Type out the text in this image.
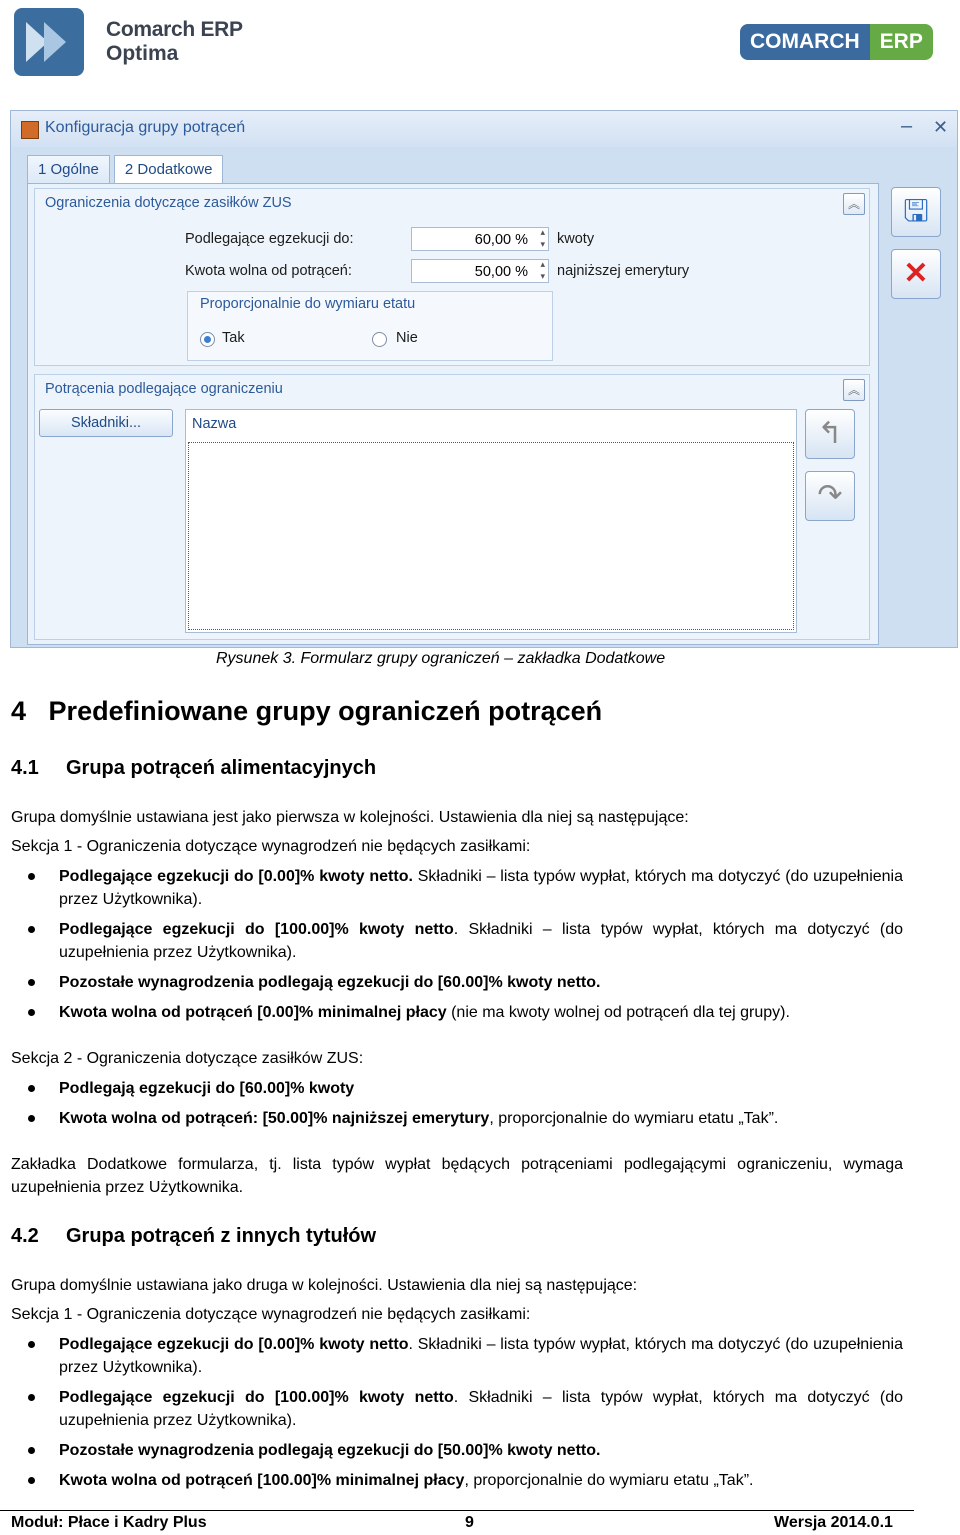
Comarch ERP
Optima
COMARCH ERP
Konfiguracja grupy potrąceń	– ✕
1 Ogólne	2 Dodatkowe
Ograniczenia dotyczące zasiłków ZUS	︽
Podlegające egzekucji do:	60,00 % ▴ ▾	kwoty
Kwota wolna od potrąceń:	50,00 % ▴ ▾	najniższej emerytury
Proporcjonalnie do wymiaru etatu
Tak	Nie
Potrącenia podlegające ograniczeniu	︽
Składniki...	Nazwa
🖫
✕
↰
↷
Rysunek 3. Formularz grupy ograniczeń – zakładka Dodatkowe
4 Predefiniowane grupy ograniczeń potrąceń
4.1 Grupa potrąceń alimentacyjnych
Grupa domyślnie ustawiana jest jako pierwsza w kolejności. Ustawienia dla niej są następujące:
Sekcja 1 - Ograniczenia dotyczące wynagrodzeń nie będących zasiłkami:
Podlegające egzekucji do [0.00]% kwoty netto. Składniki – lista typów wypłat, których ma dotyczyć (do uzupełnienia przez Użytkownika).
Podlegające egzekucji do [100.00]% kwoty netto. Składniki – lista typów wypłat, których ma dotyczyć (do uzupełnienia przez Użytkownika).
Pozostałe wynagrodzenia podlegają egzekucji do [60.00]% kwoty netto.
Kwota wolna od potrąceń [0.00]% minimalnej płacy (nie ma kwoty wolnej od potrąceń dla tej grupy).
Sekcja 2 - Ograniczenia dotyczące zasiłków ZUS:
Podlegają egzekucji do [60.00]% kwoty
Kwota wolna od potrąceń: [50.00]% najniższej emerytury, proporcjonalnie do wymiaru etatu „Tak”.
Zakładka Dodatkowe formularza, tj. lista typów wypłat będących potrąceniami podlegającymi ograniczeniu, wymaga uzupełnienia przez Użytkownika.
4.2 Grupa potrąceń z innych tytułów
Grupa domyślnie ustawiana jako druga w kolejności. Ustawienia dla niej są następujące:
Sekcja 1 - Ograniczenia dotyczące wynagrodzeń nie będących zasiłkami:
Podlegające egzekucji do [0.00]% kwoty netto. Składniki – lista typów wypłat, których ma dotyczyć (do uzupełnienia przez Użytkownika).
Podlegające egzekucji do [100.00]% kwoty netto. Składniki – lista typów wypłat, których ma dotyczyć (do uzupełnienia przez Użytkownika).
Pozostałe wynagrodzenia podlegają egzekucji do [50.00]% kwoty netto.
Kwota wolna od potrąceń [100.00]% minimalnej płacy, proporcjonalnie do wymiaru etatu „Tak”.
Moduł: Płace i Kadry Plus	9	Wersja 2014.0.1
